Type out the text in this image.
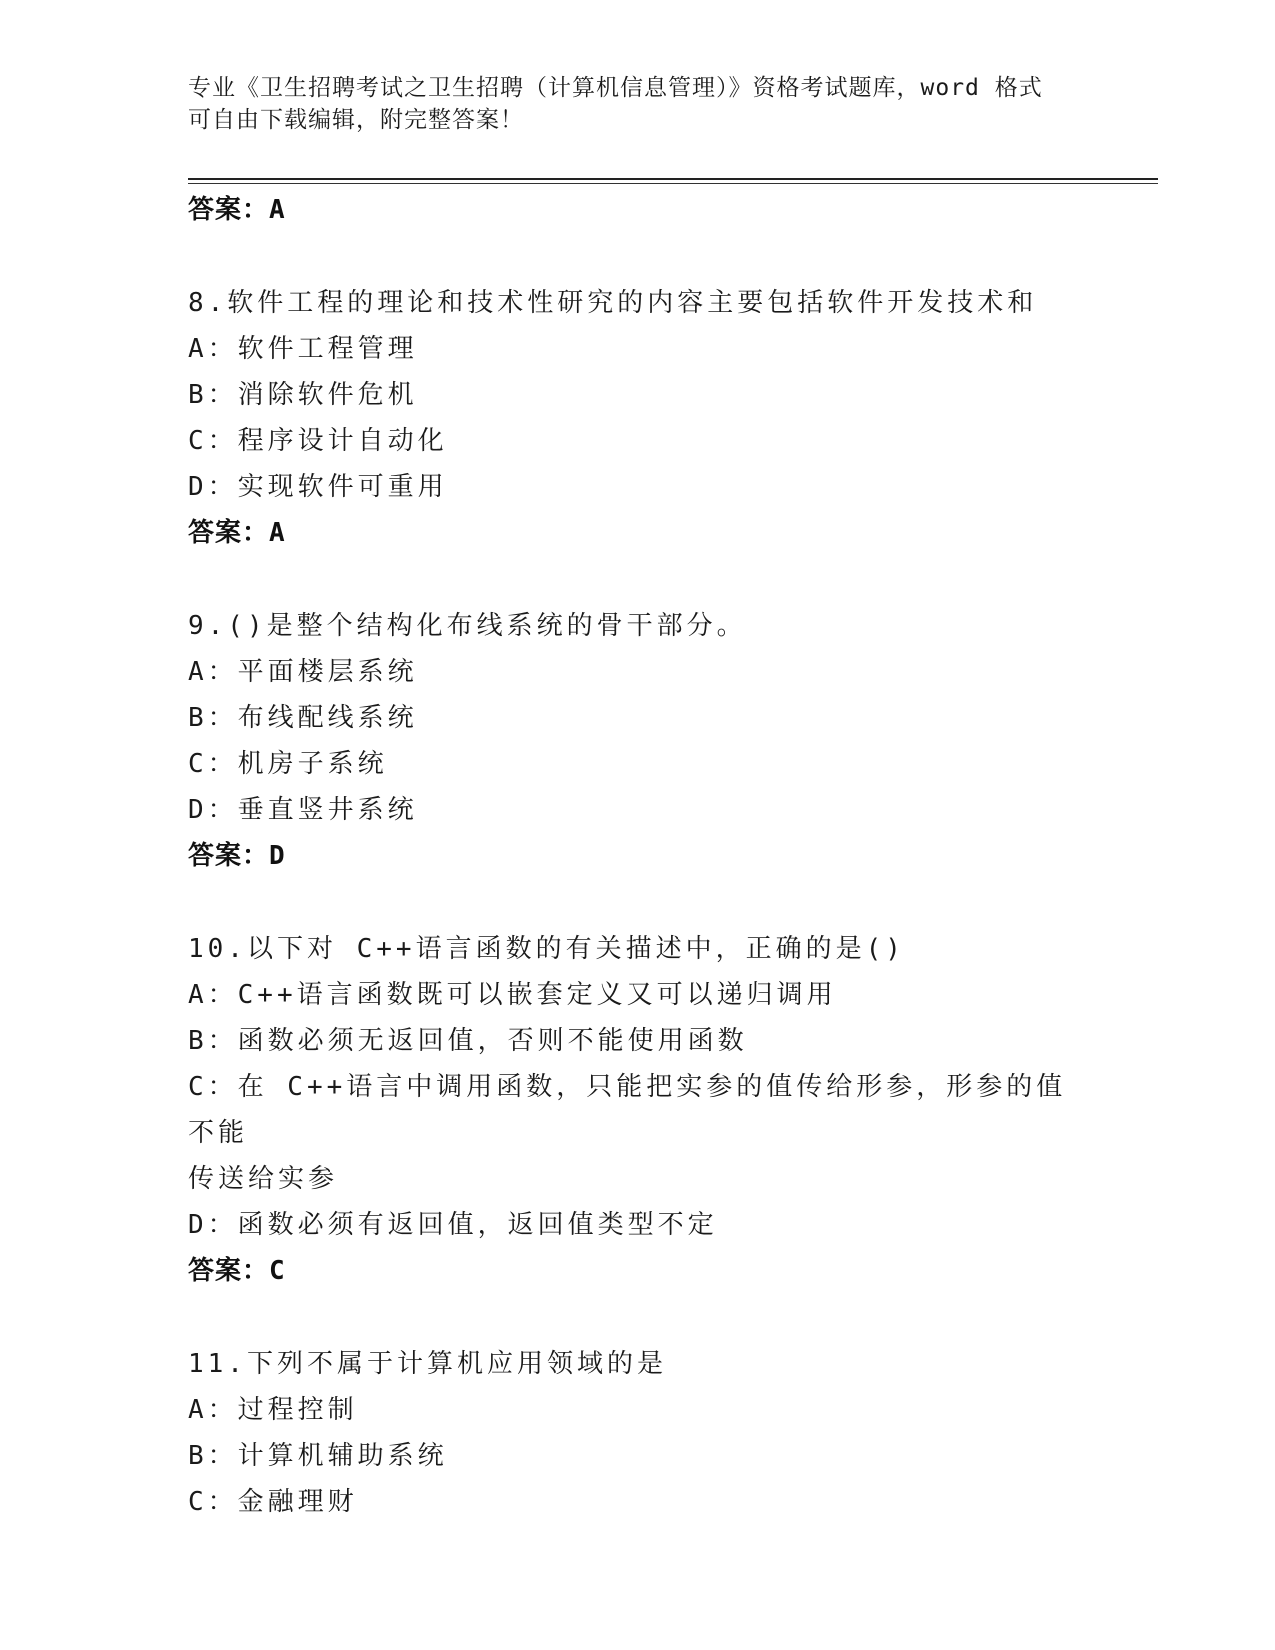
专业《卫生招聘考试之卫生招聘（计算机信息管理）》资格考试题库，word 格式
可自由下载编辑，附完整答案！
答案：A
8.软件工程的理论和技术性研究的内容主要包括软件开发技术和
A：软件工程管理
B：消除软件危机
C：程序设计自动化
D：实现软件可重用
答案：A
9.()是整个结构化布线系统的骨干部分。
A：平面楼层系统
B：布线配线系统
C：机房子系统
D：垂直竖井系统
答案：D
10.以下对 C++语言函数的有关描述中，正确的是()
A：C++语言函数既可以嵌套定义又可以递归调用
B：函数必须无返回值，否则不能使用函数
C：在 C++语言中调用函数，只能把实参的值传给形参，形参的值不能
传送给实参
D：函数必须有返回值，返回值类型不定
答案：C
11.下列不属于计算机应用领域的是
A：过程控制
B：计算机辅助系统
C：金融理财
